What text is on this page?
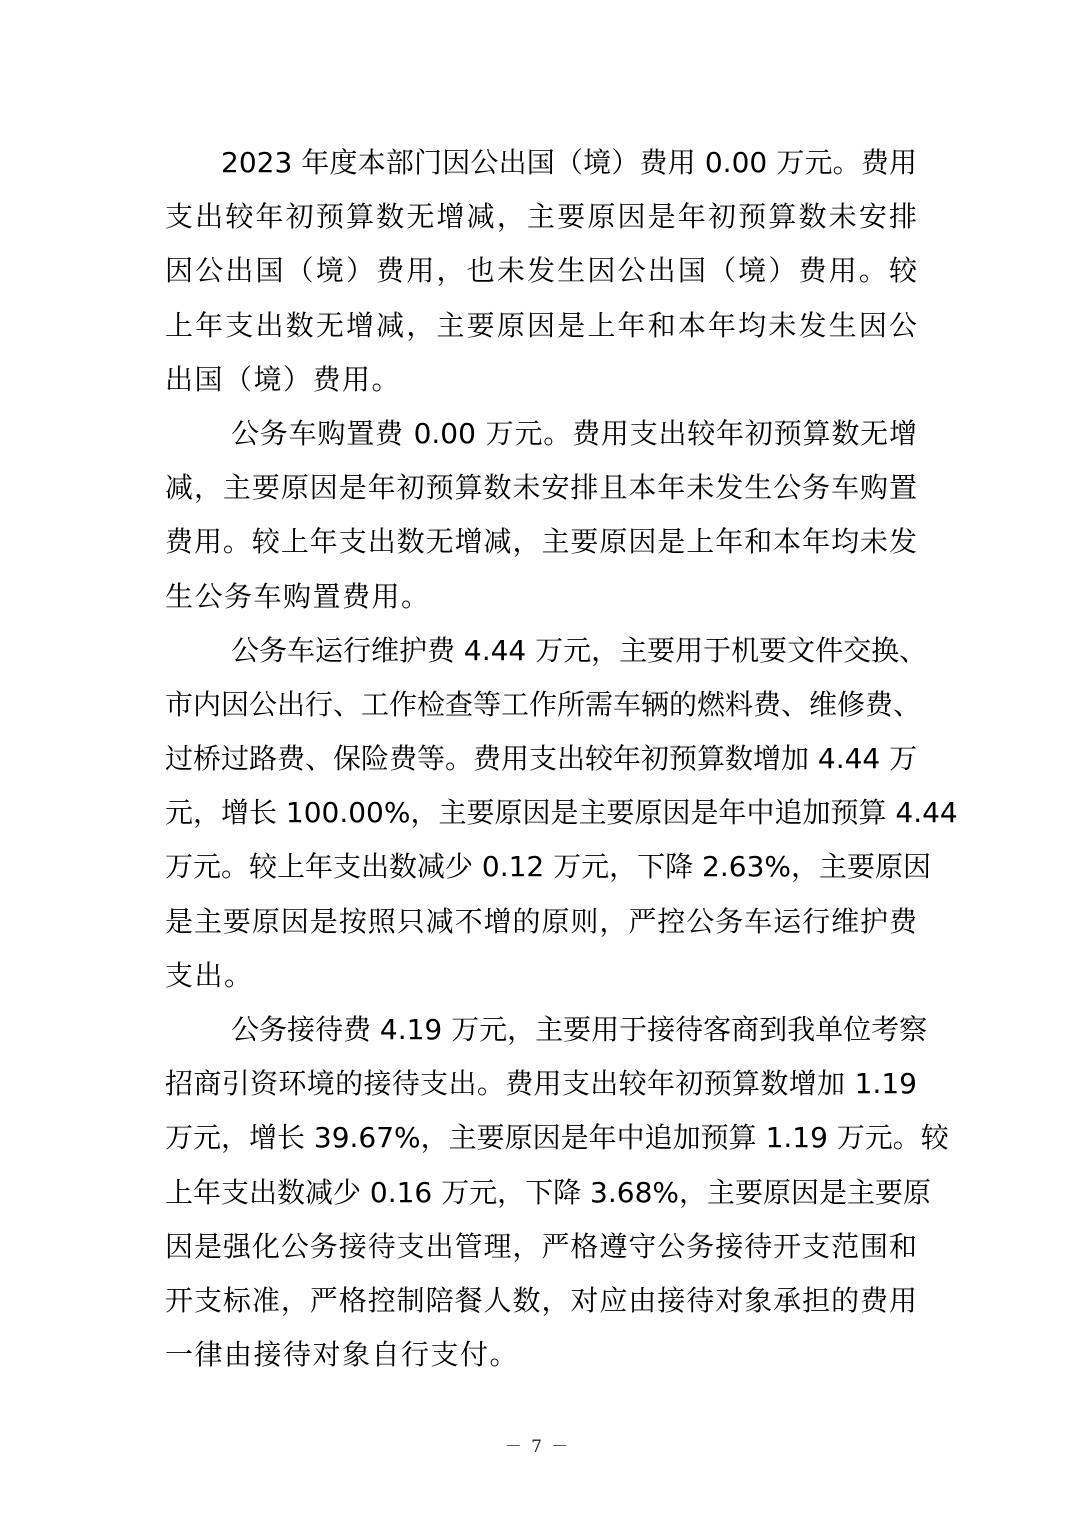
2023 年度本部门因公出国（境）费用 0.00 万元。费用
支出较年初预算数无增减，主要原因是年初预算数未安排
因公出国（境）费用，也未发生因公出国（境）费用。较
上年支出数无增减，主要原因是上年和本年均未发生因公
出国（境）费用。
公务车购置费 0.00 万元。费用支出较年初预算数无增
减，主要原因是年初预算数未安排且本年未发生公务车购置
费用。较上年支出数无增减，主要原因是上年和本年均未发
生公务车购置费用。
公务车运行维护费 4.44 万元，主要用于机要文件交换、
市内因公出行、工作检查等工作所需车辆的燃料费、维修费、
过桥过路费、保险费等。费用支出较年初预算数增加 4.44 万
元，增长 100.00%，主要原因是主要原因是年中追加预算 4.44
万元。较上年支出数减少 0.12 万元，下降 2.63%，主要原因
是主要原因是按照只减不增的原则，严控公务车运行维护费
支出。
公务接待费 4.19 万元，主要用于接待客商到我单位考察
招商引资环境的接待支出。费用支出较年初预算数增加 1.19
万元，增长 39.67%，主要原因是年中追加预算 1.19 万元。较
上年支出数减少 0.16 万元，下降 3.68%，主要原因是主要原
因是强化公务接待支出管理，严格遵守公务接待开支范围和
开支标准，严格控制陪餐人数，对应由接待对象承担的费用
一律由接待对象自行支付。
－ 7 －
